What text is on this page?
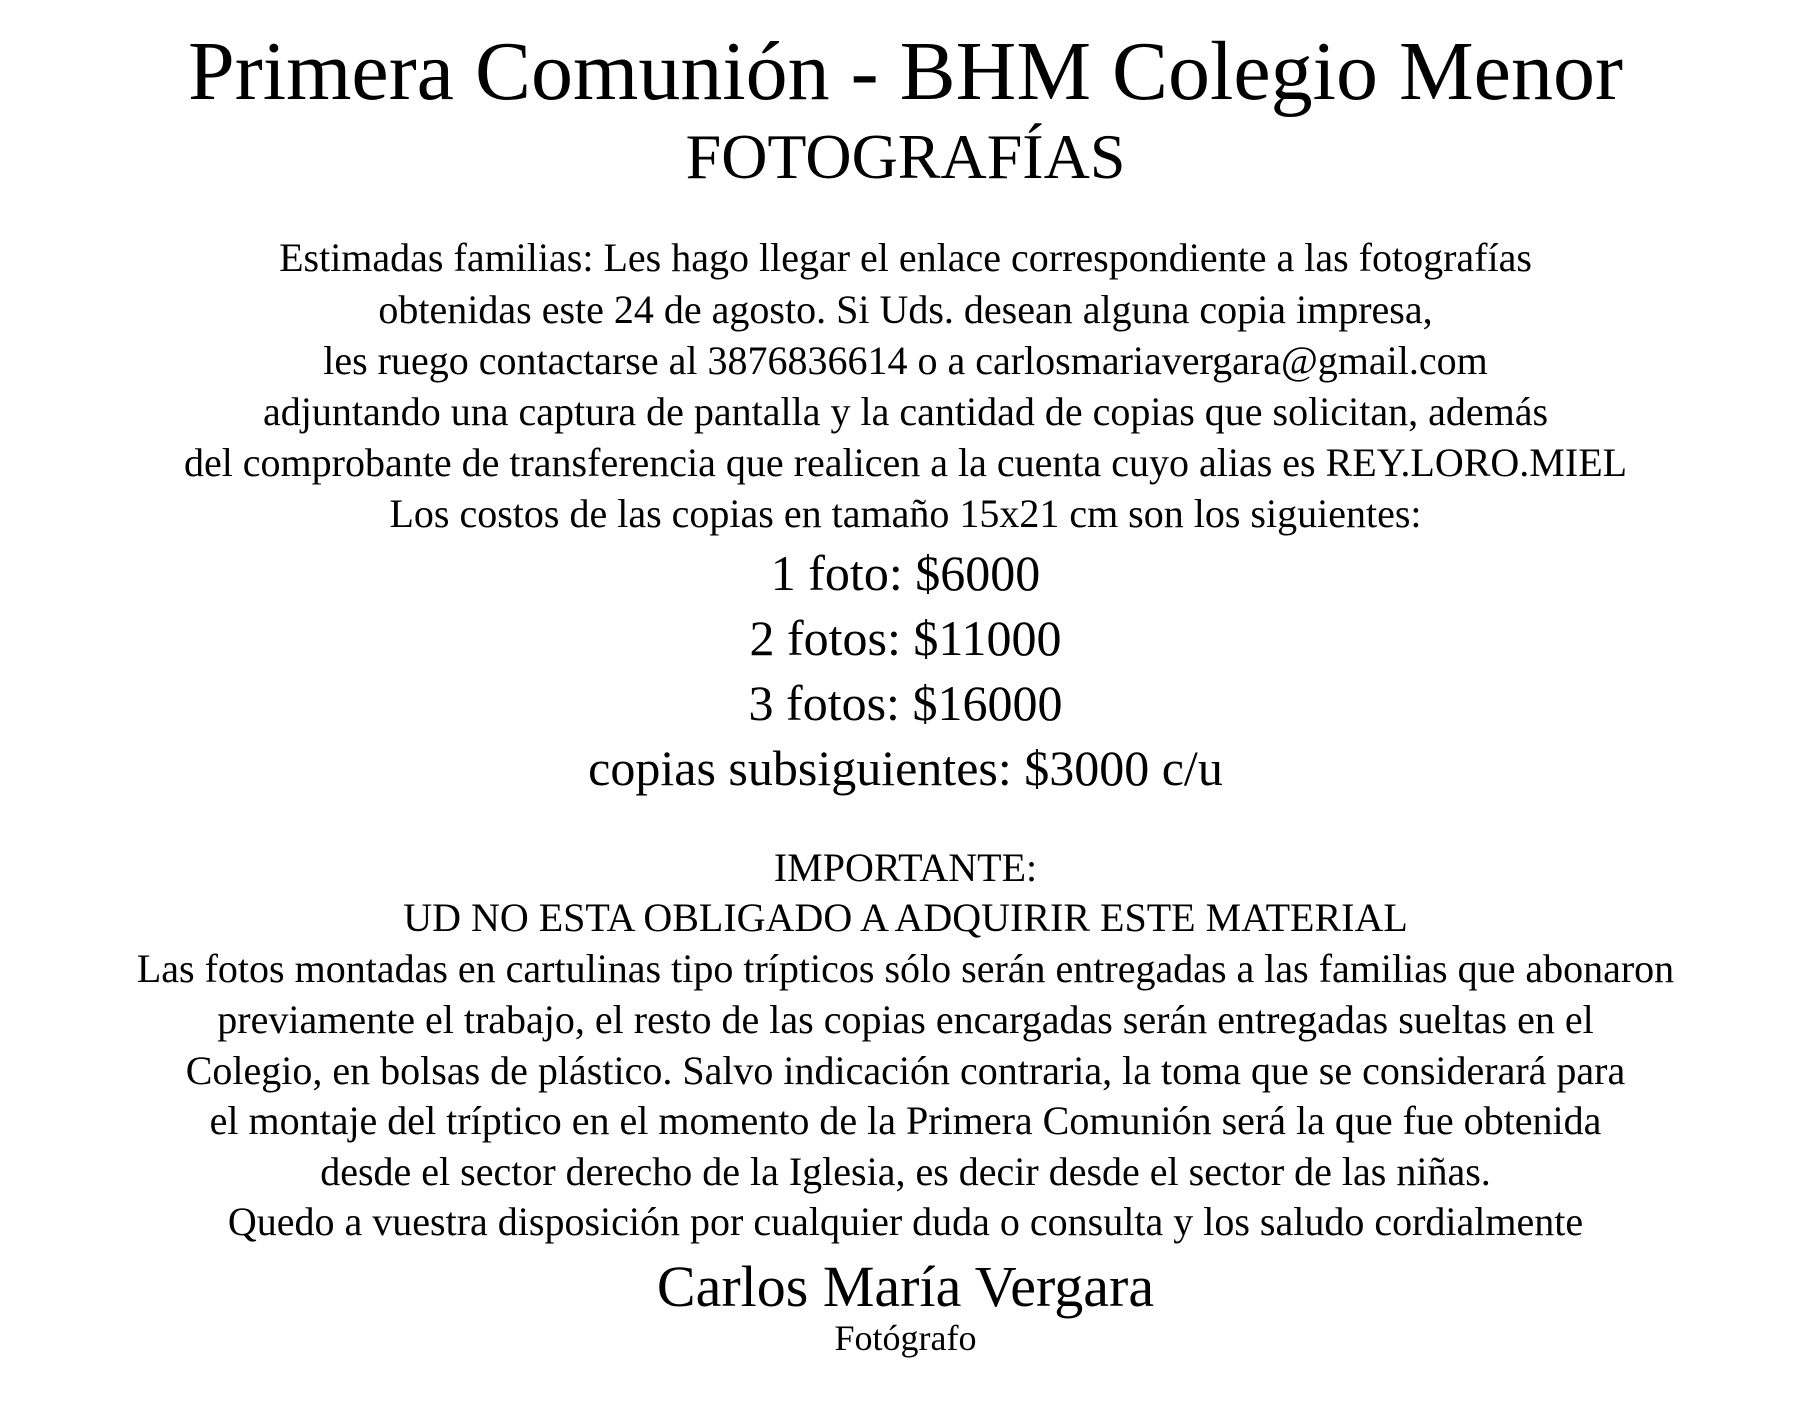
Primera Comunión - BHM Colegio Menor
FOTOGRAFÍAS
Estimadas familias: Les hago llegar el enlace correspondiente a las fotografías
obtenidas este 24 de agosto. Si Uds. desean alguna copia impresa,
les ruego contactarse al 3876836614 o a carlosmariavergara@gmail.com
adjuntando una captura de pantalla y la cantidad de copias que solicitan, además
del comprobante de transferencia que realicen a la cuenta cuyo alias es REY.LORO.MIEL
Los costos de las copias en tamaño 15x21 cm son los siguientes:
1 foto: $6000
2 fotos: $11000
3 fotos: $16000
copias subsiguientes: $3000 c/u
IMPORTANTE:
UD NO ESTA OBLIGADO A ADQUIRIR ESTE MATERIAL
Las fotos montadas en cartulinas tipo trípticos sólo serán entregadas a las familias que abonaron
previamente el trabajo, el resto de las copias encargadas serán entregadas sueltas en el
Colegio, en bolsas de plástico. Salvo indicación contraria, la toma que se considerará para
el montaje del tríptico en el momento de la Primera Comunión será la que fue obtenida
desde el sector derecho de la Iglesia, es decir desde el sector de las niñas.
Quedo a vuestra disposición por cualquier duda o consulta y los saludo cordialmente
Carlos María Vergara
Fotógrafo
